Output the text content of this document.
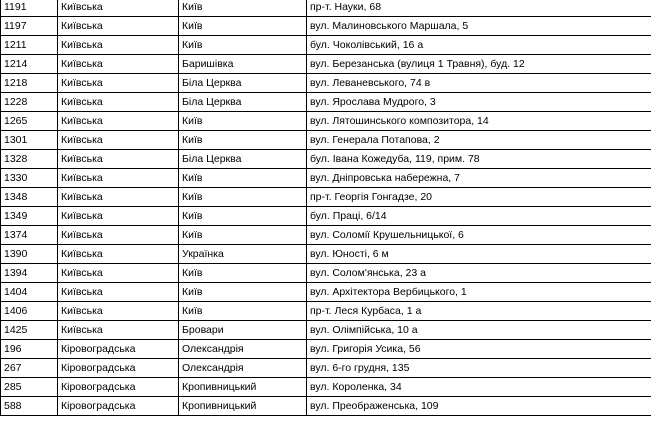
1191	Київська	Київ	пр-т. Науки, 68
1197	Київська	Київ	вул. Малиновського Маршала, 5
1211	Київська	Київ	бул. Чоколівський, 16 а
1214	Київська	Баришівка	вул. Березанська (вулиця 1 Травня), буд. 12
1218	Київська	Біла Церква	вул. Леваневського, 74 в
1228	Київська	Біла Церква	вул. Ярослава Мудрого, 3
1265	Київська	Київ	вул. Лятошинського композитора, 14
1301	Київська	Київ	вул. Генерала Потапова, 2
1328	Київська	Біла Церква	бул. Івана Кожедуба, 119, прим. 78
1330	Київська	Київ	вул. Дніпровська набережна, 7
1348	Київська	Київ	пр-т. Георгія Гонгадзе, 20
1349	Київська	Київ	бул. Праці, 6/14
1374	Київська	Київ	вул. Соломії Крушельницької, 6
1390	Київська	Українка	вул. Юності, 6 м
1394	Київська	Київ	вул. Солом'янська, 23 а
1404	Київська	Київ	вул. Архітектора Вербицького, 1
1406	Київська	Київ	пр-т. Леся Курбаса, 1 а
1425	Київська	Бровари	вул. Олімпійська, 10 а
196	Кіровоградська	Олександрія	вул. Григорія Усика, 56
267	Кіровоградська	Олександрія	вул. 6-го грудня, 135
285	Кіровоградська	Кропивницький	вул. Короленка, 34
588	Кіровоградська	Кропивницький	вул. Преображенська, 109
